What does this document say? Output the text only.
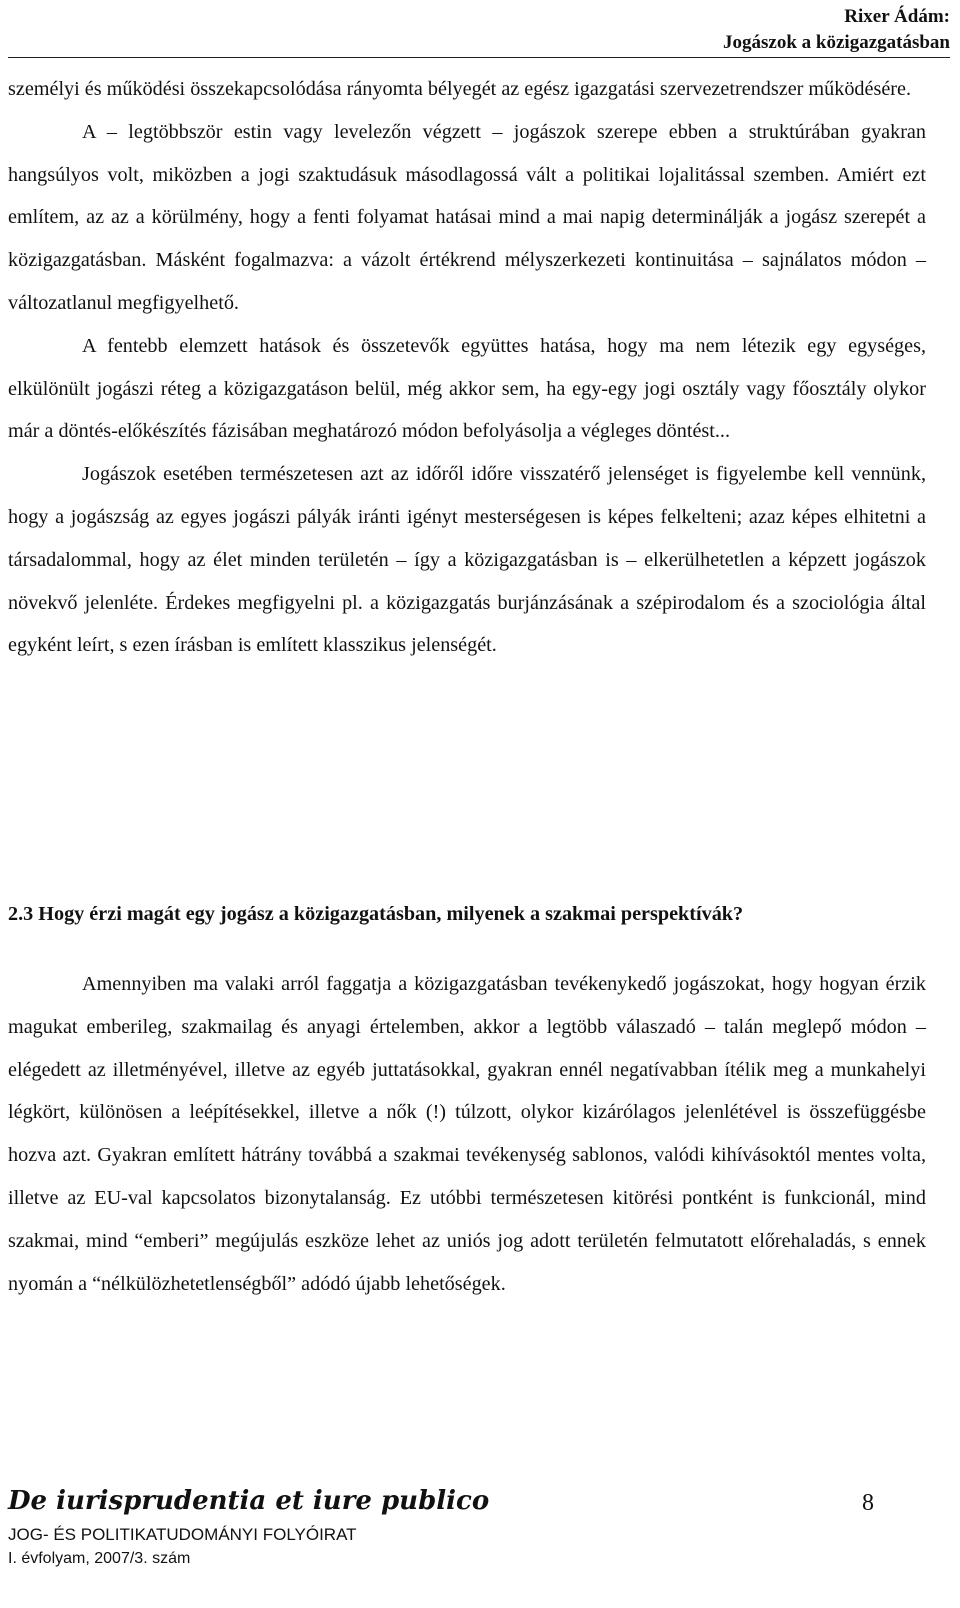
Rixer Ádám:
Jogászok a közigazgatásban

személyi és működési összekapcsolódása rányomta bélyegét az egész igazgatási szervezetrendszer működésére.

A – legtöbbször estin vagy levelezőn végzett – jogászok szerepe ebben a struktúrában gyakran hangsúlyos volt, miközben a jogi szaktudásuk másodlagossá vált a politikai lojalitással szemben. Amiért ezt említem, az az a körülmény, hogy a fenti folyamat hatásai mind a mai napig determinálják a jogász szerepét a közigazgatásban. Másként fogalmazva: a vázolt értékrend mélyszerkezeti kontinuitása – sajnálatos módon – változatlanul megfigyelhető.

A fentebb elemzett hatások és összetevők együttes hatása, hogy ma nem létezik egy egységes, elkülönült jogászi réteg a közigazgatáson belül, még akkor sem, ha egy-egy jogi osztály vagy főosztály olykor már a döntés-előkészítés fázisában meghatározó módon befolyásolja a végleges döntést...

Jogászok esetében természetesen azt az időről időre visszatérő jelenséget is figyelembe kell vennünk, hogy a jogászság az egyes jogászi pályák iránti igényt mesterségesen is képes felkelteni; azaz képes elhitetni a társadalommal, hogy az élet minden területén – így a közigazgatásban is – elkerülhetetlen a képzett jogászok növekvő jelenléte. Érdekes megfigyelni pl. a közigazgatás burjánzásának a szépirodalom és a szociológia által egyként leírt, s ezen írásban is említett klasszikus jelenségét.

2.3 Hogy érzi magát egy jogász a közigazgatásban, milyenek a szakmai perspektívák?

Amennyiben ma valaki arról faggatja a közigazgatásban tevékenykedő jogászokat, hogy hogyan érzik magukat emberileg, szakmailag és anyagi értelemben, akkor a legtöbb válaszadó – talán meglepő módon – elégedett az illetményével, illetve az egyéb juttatásokkal, gyakran ennél negatívabban ítélik meg a munkahelyi légkört, különösen a leépítésekkel, illetve a nők (!) túlzott, olykor kizárólagos jelenlétével is összefüggésbe hozva azt. Gyakran említett hátrány továbbá a szakmai tevékenység sablonos, valódi kihívásoktól mentes volta, illetve az EU-val kapcsolatos bizonytalanság. Ez utóbbi természetesen kitörési pontként is funkcionál, mind szakmai, mind “emberi” megújulás eszköze lehet az uniós jog adott területén felmutatott előrehaladás, s ennek nyomán a “nélkülözhetetlenségből” adódó újabb lehetőségek.

De iurisprudentia et iure publico	8
JOG- ÉS POLITIKATUDOMÁNYI FOLYÓIRAT
I. évfolyam, 2007/3. szám
